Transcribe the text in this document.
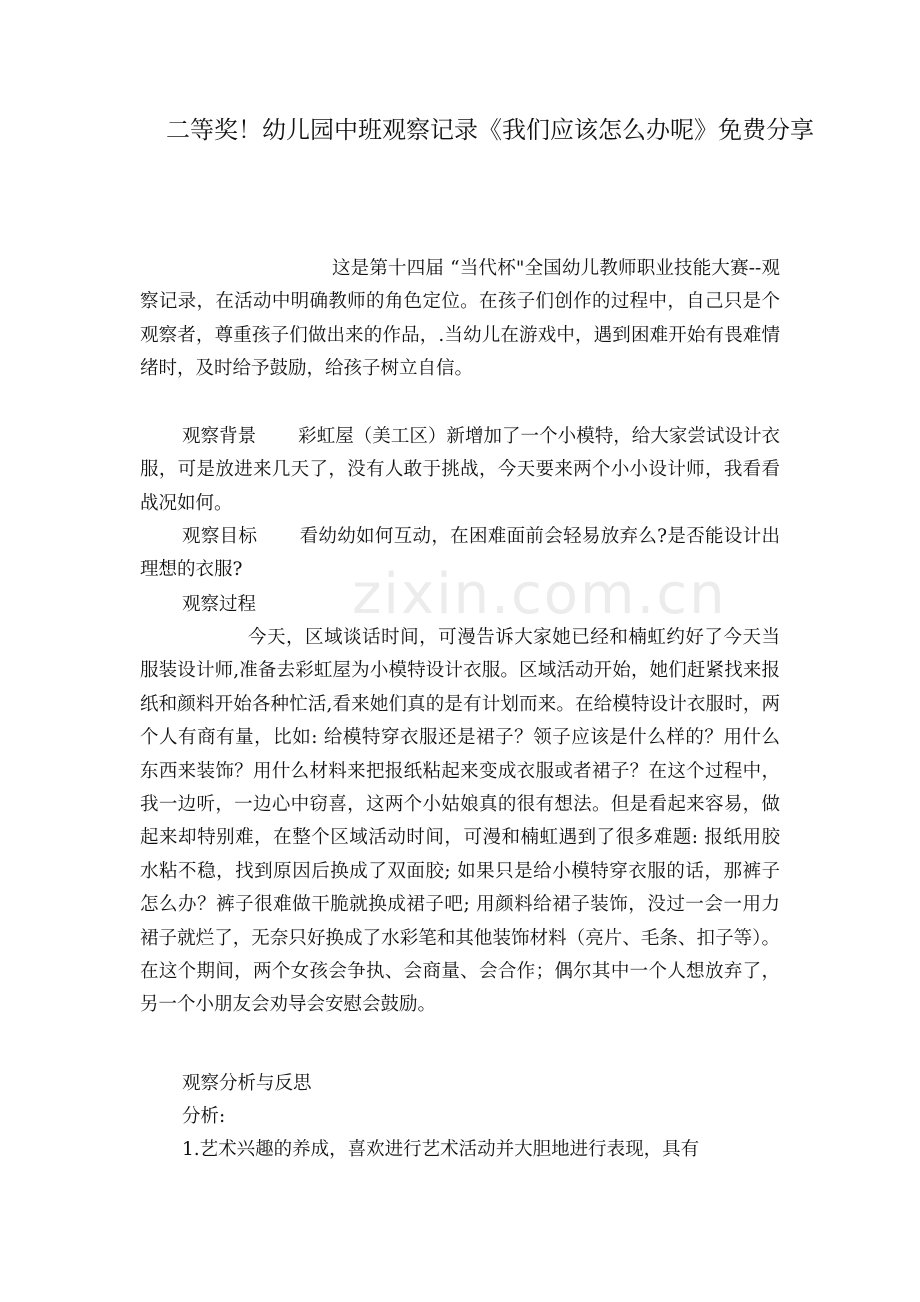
二等奖！幼儿园中班观察记录《我们应该怎么办呢》免费分享

这是第十四届 “当代杯"全国幼儿教师职业技能大赛--观察记录，在活动中明确教师的角色定位。在孩子们创作的过程中，自己只是个观察者，尊重孩子们做出来的作品，.当幼儿在游戏中，遇到困难开始有畏难情绪时，及时给予鼓励，给孩子树立自信。

观察背景 彩虹屋（美工区）新增加了一个小模特，给大家尝试设计衣服，可是放进来几天了，没有人敢于挑战，今天要来两个小小设计师，我看看战况如何。

观察目标 看幼幼如何互动，在困难面前会轻易放弃么?是否能设计出理想的衣服?

观察过程

今天，区域谈话时间，可漫告诉大家她已经和楠虹约好了今天当服装设计师,准备去彩虹屋为小模特设计衣服。区域活动开始，她们赶紧找来报纸和颜料开始各种忙活,看来她们真的是有计划而来。在给模特设计衣服时，两个人有商有量，比如: 给模特穿衣服还是裙子？领子应该是什么样的？用什么东西来装饰？用什么材料来把报纸粘起来变成衣服或者裙子？在这个过程中，我一边听，一边心中窃喜，这两个小姑娘真的很有想法。但是看起来容易，做起来却特别难，在整个区域活动时间，可漫和楠虹遇到了很多难题: 报纸用胶水粘不稳，找到原因后换成了双面胶; 如果只是给小模特穿衣服的话，那裤子怎么办？裤子很难做干脆就换成裙子吧; 用颜料给裙子装饰，没过一会一用力裙子就烂了，无奈只好换成了水彩笔和其他装饰材料（亮片、毛条、扣子等）。在这个期间，两个女孩会争执、会商量、会合作；偶尔其中一个人想放弃了，另一个小朋友会劝导会安慰会鼓励。

观察分析与反思

分析:

1.艺术兴趣的养成，喜欢进行艺术活动并大胆地进行表现，具有

zixin.com.cn
